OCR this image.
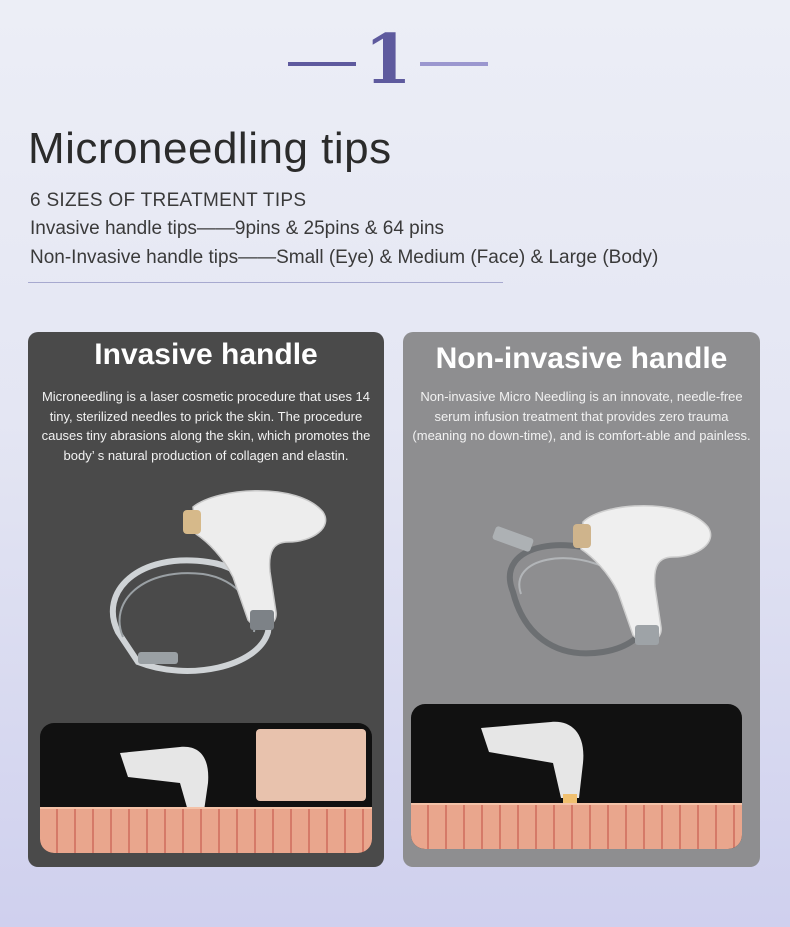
1
Microneedling tips
6 SIZES OF TREATMENT TIPS
Invasive handle tips——9pins & 25pins & 64 pins
Non-Invasive handle tips——Small (Eye) & Medium (Face) & Large (Body)
Invasive handle
Microneedling is a laser cosmetic procedure that uses 14 tiny, sterilized needles to prick the skin. The procedure causes tiny abrasions along the skin, which promotes the body’ s natural production of collagen and elastin.
Non-invasive handle
Non-invasive Micro Needling is an innovate, needle-free serum infusion treatment that provides zero trauma (meaning no down-time), and is comfort-able and painless.
